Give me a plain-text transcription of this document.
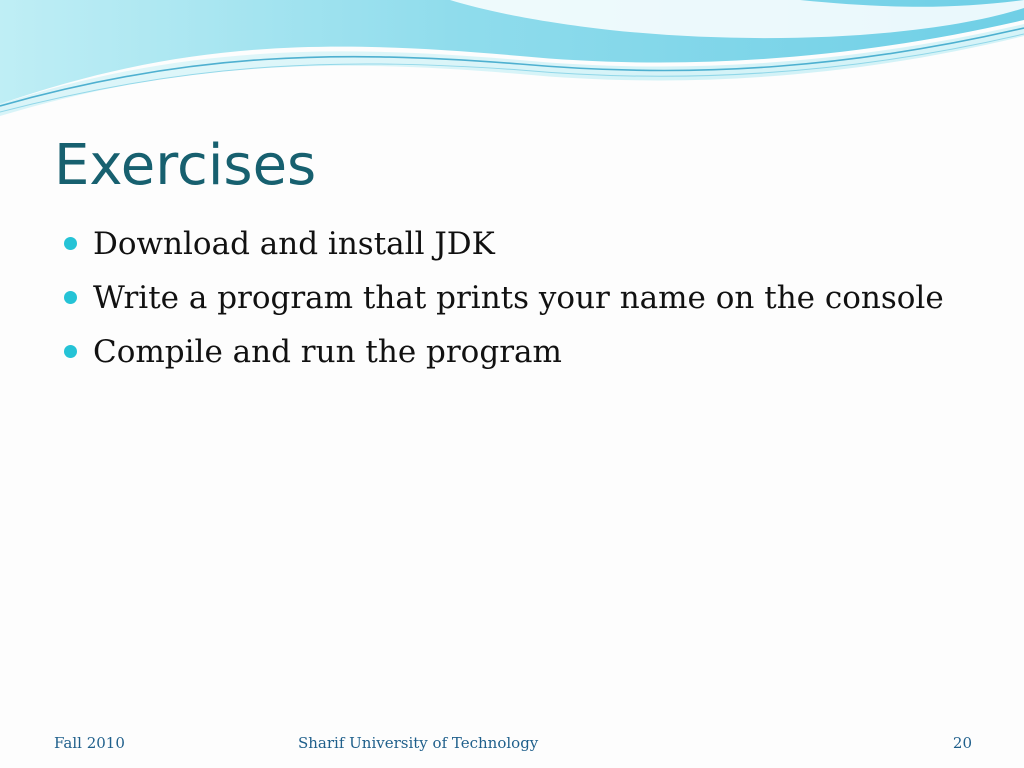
Exercises
Download and install JDK
Write a program that prints your name on the console
Compile and run the program
Fall 2010	Sharif University of Technology	20
